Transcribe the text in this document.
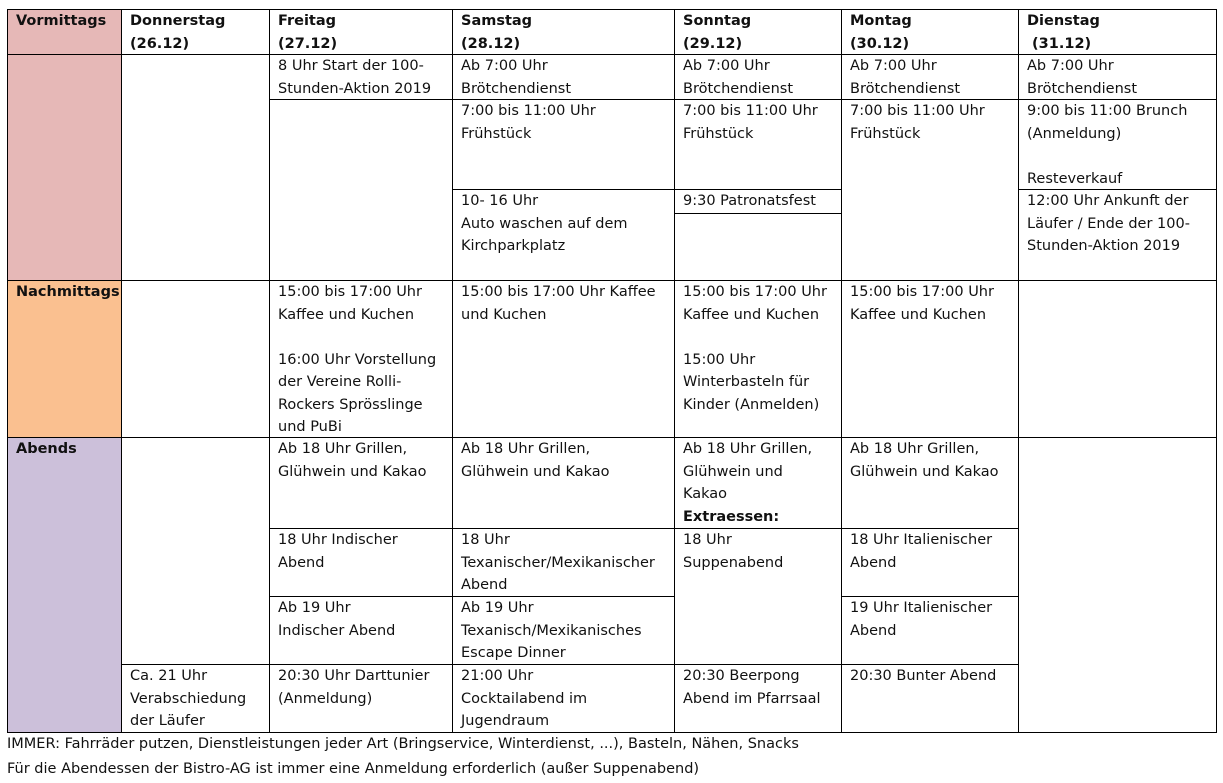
Vormittags
Nachmittags
Abends
Donnerstag
(26.12)
Freitag
(27.12)
Samstag
(28.12)
Sonntag
(29.12)
Montag
(30.12)
Dienstag
(31.12)
8 Uhr Start der 100-
Stunden-Aktion 2019
Ab 7:00 Uhr
Brötchendienst
Ab 7:00 Uhr
Brötchendienst
Ab 7:00 Uhr
Brötchendienst
Ab 7:00 Uhr
Brötchendienst
7:00 bis 11:00 Uhr
Frühstück
7:00 bis 11:00 Uhr
Frühstück
7:00 bis 11:00 Uhr
Frühstück
9:00 bis 11:00 Brunch
(Anmeldung)

Resteverkauf
10- 16 Uhr
Auto waschen auf dem
Kirchparkplatz
9:30 Patronatsfest	12:00 Uhr Ankunft der
Läufer / Ende der 100-
Stunden-Aktion 2019
15:00 bis 17:00 Uhr
Kaffee und Kuchen

16:00 Uhr Vorstellung
der Vereine Rolli-
Rockers Sprösslinge
und PuBi
15:00 bis 17:00 Uhr Kaffee
und Kuchen
15:00 bis 17:00 Uhr
Kaffee und Kuchen

15:00 Uhr
Winterbasteln für
Kinder (Anmelden)
15:00 bis 17:00 Uhr
Kaffee und Kuchen
Ab 18 Uhr Grillen,
Glühwein und Kakao
Ab 18 Uhr Grillen,
Glühwein und Kakao
Ab 18 Uhr Grillen,
Glühwein und Kakao
18 Uhr Indischer
Abend
18 Uhr
Texanischer/Mexikanischer
Abend
18 Uhr
Suppenabend
18 Uhr Italienischer
Abend
Ab 19 Uhr
Indischer Abend
Ab 19 Uhr
Texanisch/Mexikanisches
Escape Dinner
19 Uhr Italienischer
Abend
Ca. 21 Uhr
Verabschiedung
der Läufer
20:30 Uhr Darttunier
(Anmeldung)
21:00 Uhr
Cocktailabend im
Jugendraum
20:30 Beerpong
Abend im Pfarrsaal
20:30 Bunter Abend
Ab 18 Uhr Grillen,
Glühwein und
Kakao
Extraessen:
IMMER: Fahrräder putzen, Dienstleistungen jeder Art (Bringservice, Winterdienst, ...), Basteln, Nähen, Snacks
Für die Abendessen der Bistro-AG ist immer eine Anmeldung erforderlich (außer Suppenabend)
